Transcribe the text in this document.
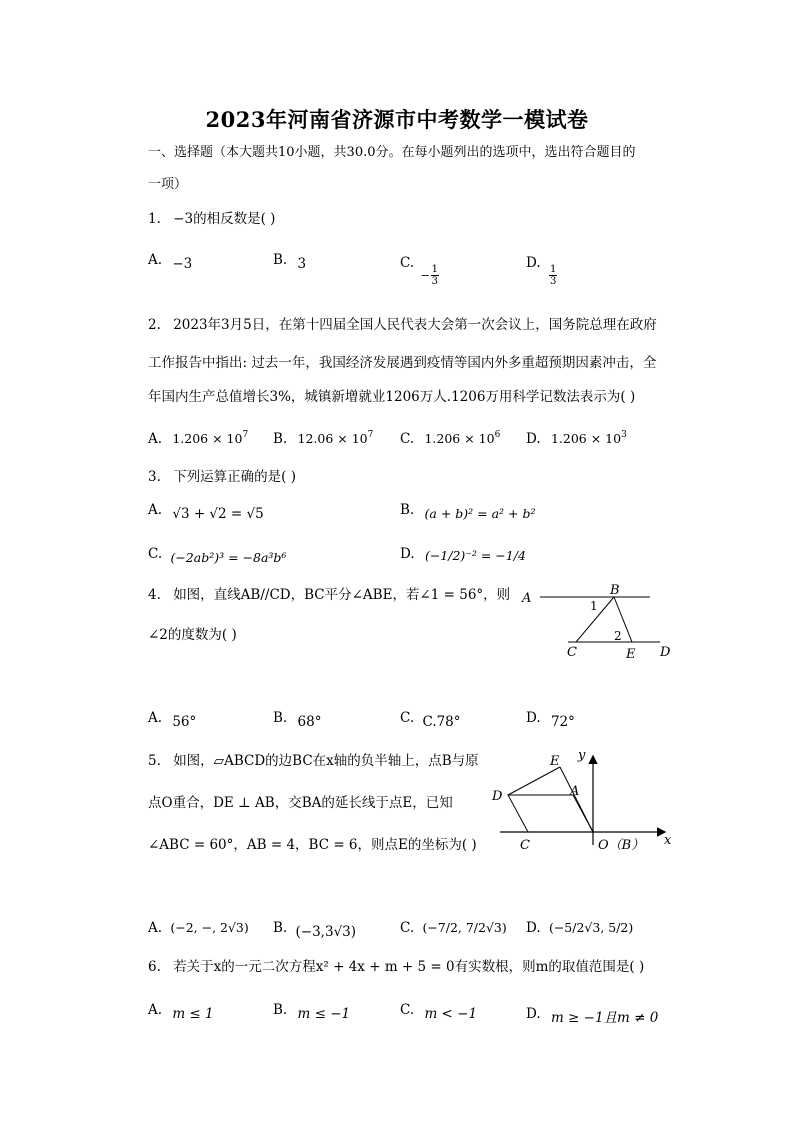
2023年河南省济源市中考数学一模试卷
一、选择题（本大题共10小题，共30.0分。在每小题列出的选项中，选出符合题目的
一项）
1. −3的相反数是( )
A. −3	B. 3	C. $_- \frac{1}{3}$
D.
$\frac{1}{3}$
2. 2023年3月5日，在第十四届全国人民代表大会第一次会议上，国务院总理在政府
工作报告中指出: 过去一年，我国经济发展遇到疫情等国内外多重超预期因素冲击，全
年国内生产总值增长3%，城镇新增就业1206万人.1206万用科学记数法表示为( )
A. $1.206 \times 10^7$ B. $12.06 \times 10^7$ C. $1.206 \times 10^6$ D. $1.206 \times 10^3$
3. 下列运算正确的是( )
A. √3 + √2 = √5	B. (a + b)² = a² + b²
C. (−2ab²)³ = −8a³b⁶	D. (−1/2)⁻² = −1/4
4. 如图，直线AB//CD，BC平分∠ABE，若∠1 = 56°，则
∠2的度数为( )
A
B
C	D
E
1
2
A. 56°	B. 68°	C. C.78°	D. 72°
5. 如图，▱ABCD的边BC在x轴的负半轴上，点B与原
点O重合，DE ⊥ AB，交BA的延长线于点E，已知
∠ABC = 60°，AB = 4，BC = 6，则点E的坐标为( )
E
A
D
C	O（B） x
y
A. (−2, −, 2√3) B. (−3,3√3)	C. (−7/2, 7/2√3) D. (−5/2√3, 5/2)
6. 若关于x的一元二次方程x² + 4x + m + 5 = 0有实数根，则m的取值范围是( )
A. m ≤ 1	B. m ≤ −1	C. m < −1	D. m ≥ −1且m ≠ 0
